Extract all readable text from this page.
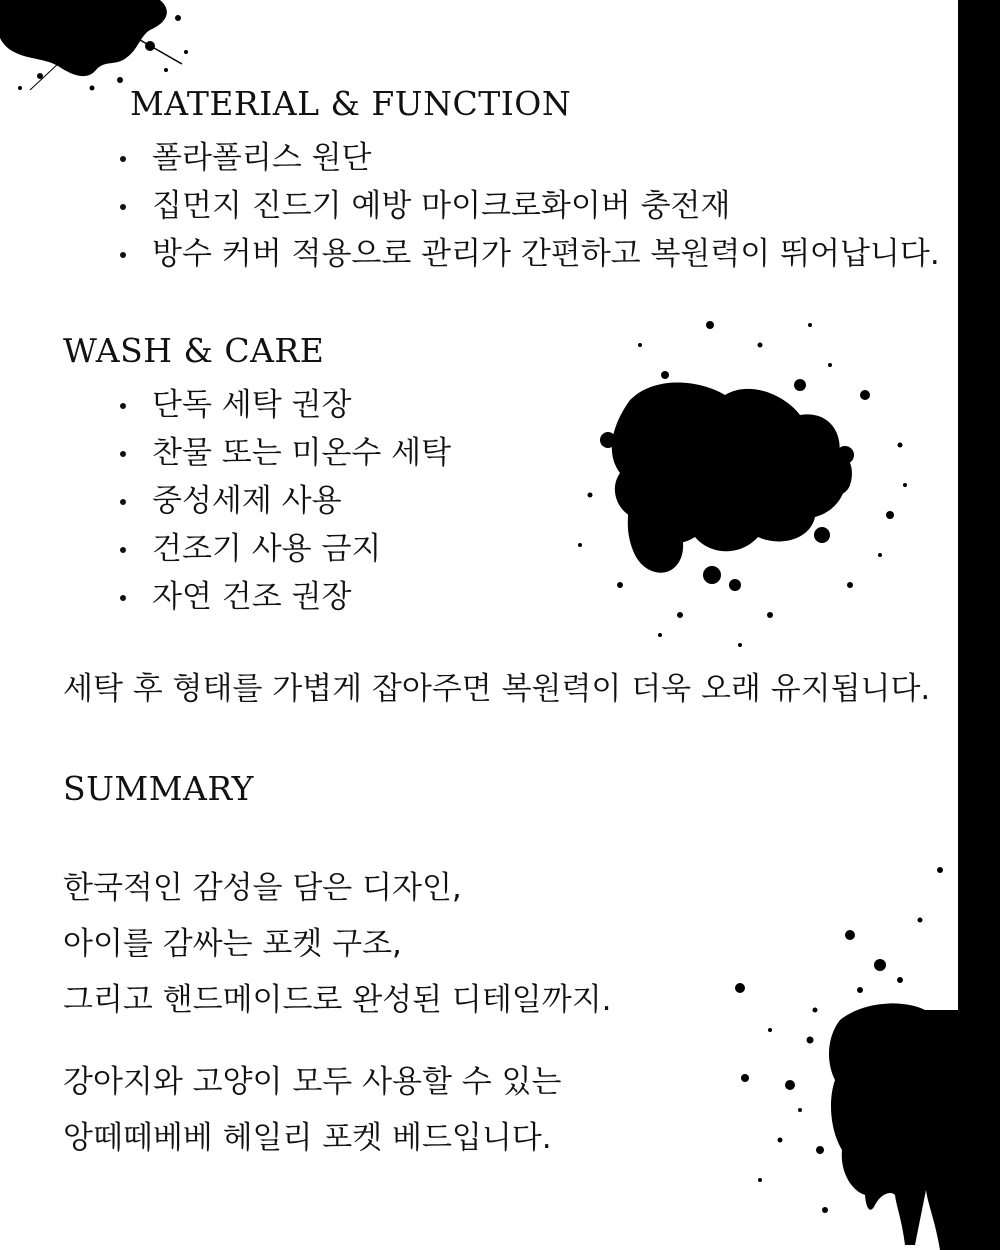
MATERIAL & FUNCTION
폴라폴리스 원단
집먼지 진드기 예방 마이크로화이버 충전재
방수 커버 적용으로 관리가 간편하고 복원력이 뛰어납니다.
WASH & CARE
단독 세탁 권장
찬물 또는 미온수 세탁
중성세제 사용
건조기 사용 금지
자연 건조 권장

세탁 후 형태를 가볍게 잡아주면 복원력이 더욱 오래 유지됩니다.

SUMMARY
한국적인 감성을 담은 디자인,
아이를 감싸는 포켓 구조,
그리고 핸드메이드로 완성된 디테일까지.
강아지와 고양이 모두 사용할 수 있는
앙떼떼베베 헤일리 포켓 베드입니다.
